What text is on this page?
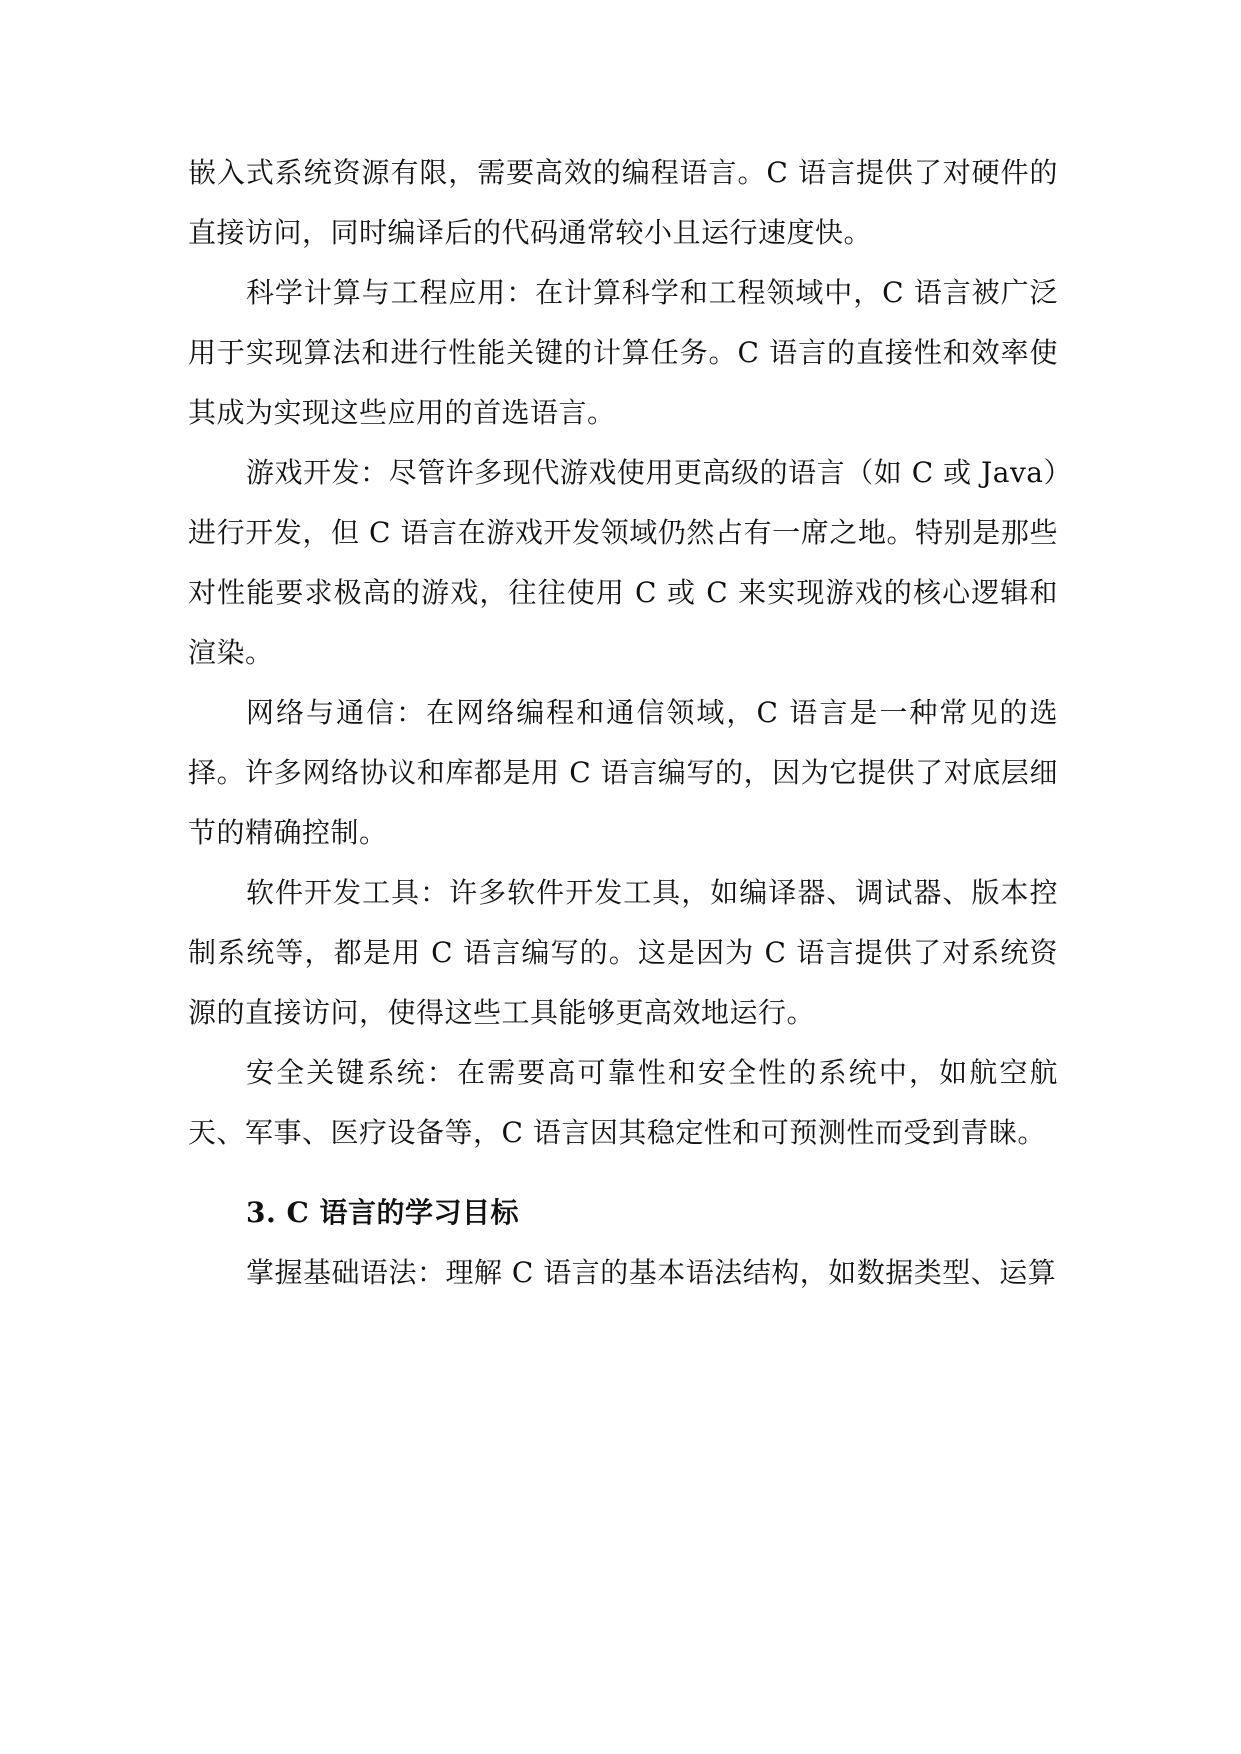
嵌入式系统资源有限，需要高效的编程语言。C 语言提供了对硬件的直接访问，同时编译后的代码通常较小且运行速度快。

科学计算与工程应用：在计算科学和工程领域中，C 语言被广泛用于实现算法和进行性能关键的计算任务。C 语言的直接性和效率使其成为实现这些应用的首选语言。

游戏开发：尽管许多现代游戏使用更高级的语言（如 C 或 Java）进行开发，但 C 语言在游戏开发领域仍然占有一席之地。特别是那些对性能要求极高的游戏，往往使用 C 或 C 来实现游戏的核心逻辑和渲染。

网络与通信：在网络编程和通信领域，C 语言是一种常见的选择。许多网络协议和库都是用 C 语言编写的，因为它提供了对底层细节的精确控制。

软件开发工具：许多软件开发工具，如编译器、调试器、版本控制系统等，都是用 C 语言编写的。这是因为 C 语言提供了对系统资源的直接访问，使得这些工具能够更高效地运行。

安全关键系统：在需要高可靠性和安全性的系统中，如航空航天、军事、医疗设备等，C 语言因其稳定性和可预测性而受到青睐。

3. C 语言的学习目标

掌握基础语法：理解 C 语言的基本语法结构，如数据类型、运算
